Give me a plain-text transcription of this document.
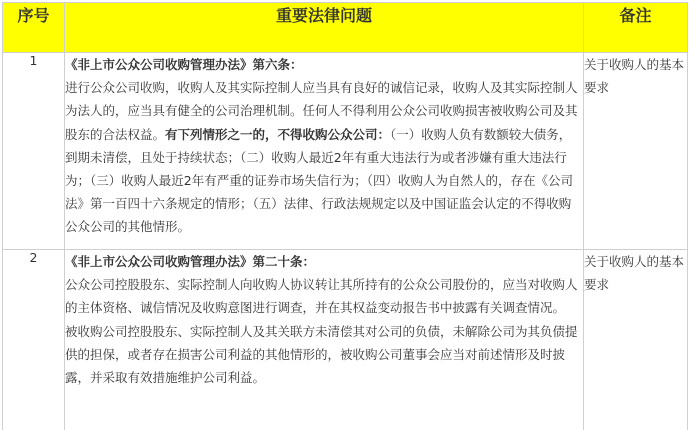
序号	重要法律问题	备注
1	《非上市公众公司收购管理办法》第六条：

进行公众公司收购，收购人及其实际控制人应当具有良好的诚信记录，收购人及其实际控制人为法人的，应当具有健全的公司治理机制。任何人不得利用公众公司收购损害被收购公司及其股东的合法权益。有下列情形之一的，不得收购公众公司：（一）收购人负有数额较大债务，到期未清偿，且处于持续状态；（二）收购人最近2年有重大违法行为或者涉嫌有重大违法行为；（三）收购人最近2年有严重的证券市场失信行为；（四）收购人为自然人的，存在《公司法》第一百四十六条规定的情形；（五）法律、行政法规规定以及中国证监会认定的不得收购公众公司的其他情形。	关于收购人的基本要求
2	《非上市公众公司收购管理办法》第二十条：

公众公司控股股东、实际控制人向收购人协议转让其所持有的公众公司股份的，应当对收购人的主体资格、诚信情况及收购意图进行调查，并在其权益变动报告书中披露有关调查情况。

被收购公司控股股东、实际控制人及其关联方未清偿其对公司的负债，未解除公司为其负债提供的担保，或者存在损害公司利益的其他情形的，被收购公司董事会应当对前述情形及时披露，并采取有效措施维护公司利益。	关于收购人的基本要求
